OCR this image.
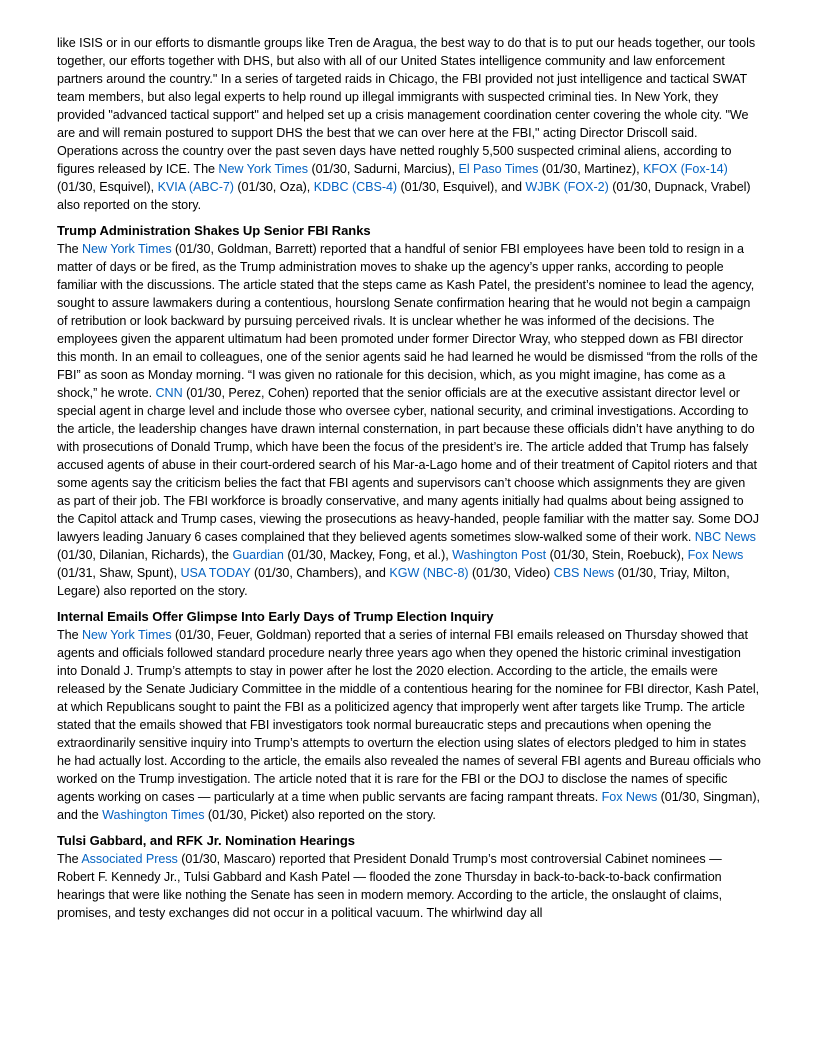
like ISIS or in our efforts to dismantle groups like Tren de Aragua, the best way to do that is to put our heads together, our tools together, our efforts together with DHS, but also with all of our United States intelligence community and law enforcement partners around the country." In a series of targeted raids in Chicago, the FBI provided not just intelligence and tactical SWAT team members, but also legal experts to help round up illegal immigrants with suspected criminal ties. In New York, they provided "advanced tactical support" and helped set up a crisis management coordination center covering the whole city. "We are and will remain postured to support DHS the best that we can over here at the FBI," acting Director Driscoll said. Operations across the country over the past seven days have netted roughly 5,500 suspected criminal aliens, according to figures released by ICE. The New York Times (01/30, Sadurni, Marcius), El Paso Times (01/30, Martinez), KFOX (Fox-14) (01/30, Esquivel), KVIA (ABC-7) (01/30, Oza), KDBC (CBS-4) (01/30, Esquivel), and WJBK (FOX-2) (01/30, Dupnack, Vrabel) also reported on the story.

Trump Administration Shakes Up Senior FBI Ranks

The New York Times (01/30, Goldman, Barrett) reported that a handful of senior FBI employees have been told to resign in a matter of days or be fired, as the Trump administration moves to shake up the agency’s upper ranks, according to people familiar with the discussions. The article stated that the steps came as Kash Patel, the president’s nominee to lead the agency, sought to assure lawmakers during a contentious, hourslong Senate confirmation hearing that he would not begin a campaign of retribution or look backward by pursuing perceived rivals. It is unclear whether he was informed of the decisions. The employees given the apparent ultimatum had been promoted under former Director Wray, who stepped down as FBI director this month. In an email to colleagues, one of the senior agents said he had learned he would be dismissed “from the rolls of the FBI” as soon as Monday morning. “I was given no rationale for this decision, which, as you might imagine, has come as a shock,” he wrote. CNN (01/30, Perez, Cohen) reported that the senior officials are at the executive assistant director level or special agent in charge level and include those who oversee cyber, national security, and criminal investigations. According to the article, the leadership changes have drawn internal consternation, in part because these officials didn’t have anything to do with prosecutions of Donald Trump, which have been the focus of the president’s ire. The article added that Trump has falsely accused agents of abuse in their court-ordered search of his Mar-a-Lago home and of their treatment of Capitol rioters and that some agents say the criticism belies the fact that FBI agents and supervisors can’t choose which assignments they are given as part of their job. The FBI workforce is broadly conservative, and many agents initially had qualms about being assigned to the Capitol attack and Trump cases, viewing the prosecutions as heavy-handed, people familiar with the matter say. Some DOJ lawyers leading January 6 cases complained that they believed agents sometimes slow-walked some of their work. NBC News (01/30, Dilanian, Richards), the Guardian (01/30, Mackey, Fong, et al.), Washington Post (01/30, Stein, Roebuck), Fox News (01/31, Shaw, Spunt), USA TODAY (01/30, Chambers), and KGW (NBC-8) (01/30, Video) CBS News (01/30, Triay, Milton, Legare) also reported on the story.

Internal Emails Offer Glimpse Into Early Days of Trump Election Inquiry

The New York Times (01/30, Feuer, Goldman) reported that a series of internal FBI emails released on Thursday showed that agents and officials followed standard procedure nearly three years ago when they opened the historic criminal investigation into Donald J. Trump’s attempts to stay in power after he lost the 2020 election. According to the article, the emails were released by the Senate Judiciary Committee in the middle of a contentious hearing for the nominee for FBI director, Kash Patel, at which Republicans sought to paint the FBI as a politicized agency that improperly went after targets like Trump. The article stated that the emails showed that FBI investigators took normal bureaucratic steps and precautions when opening the extraordinarily sensitive inquiry into Trump’s attempts to overturn the election using slates of electors pledged to him in states he had actually lost. According to the article, the emails also revealed the names of several FBI agents and Bureau officials who worked on the Trump investigation. The article noted that it is rare for the FBI or the DOJ to disclose the names of specific agents working on cases — particularly at a time when public servants are facing rampant threats. Fox News (01/30, Singman), and the Washington Times (01/30, Picket) also reported on the story.

Tulsi Gabbard, and RFK Jr. Nomination Hearings

The Associated Press (01/30, Mascaro) reported that President Donald Trump’s most controversial Cabinet nominees — Robert F. Kennedy Jr., Tulsi Gabbard and Kash Patel — flooded the zone Thursday in back-to-back-to-back confirmation hearings that were like nothing the Senate has seen in modern memory. According to the article, the onslaught of claims, promises, and testy exchanges did not occur in a political vacuum. The whirlwind day all
